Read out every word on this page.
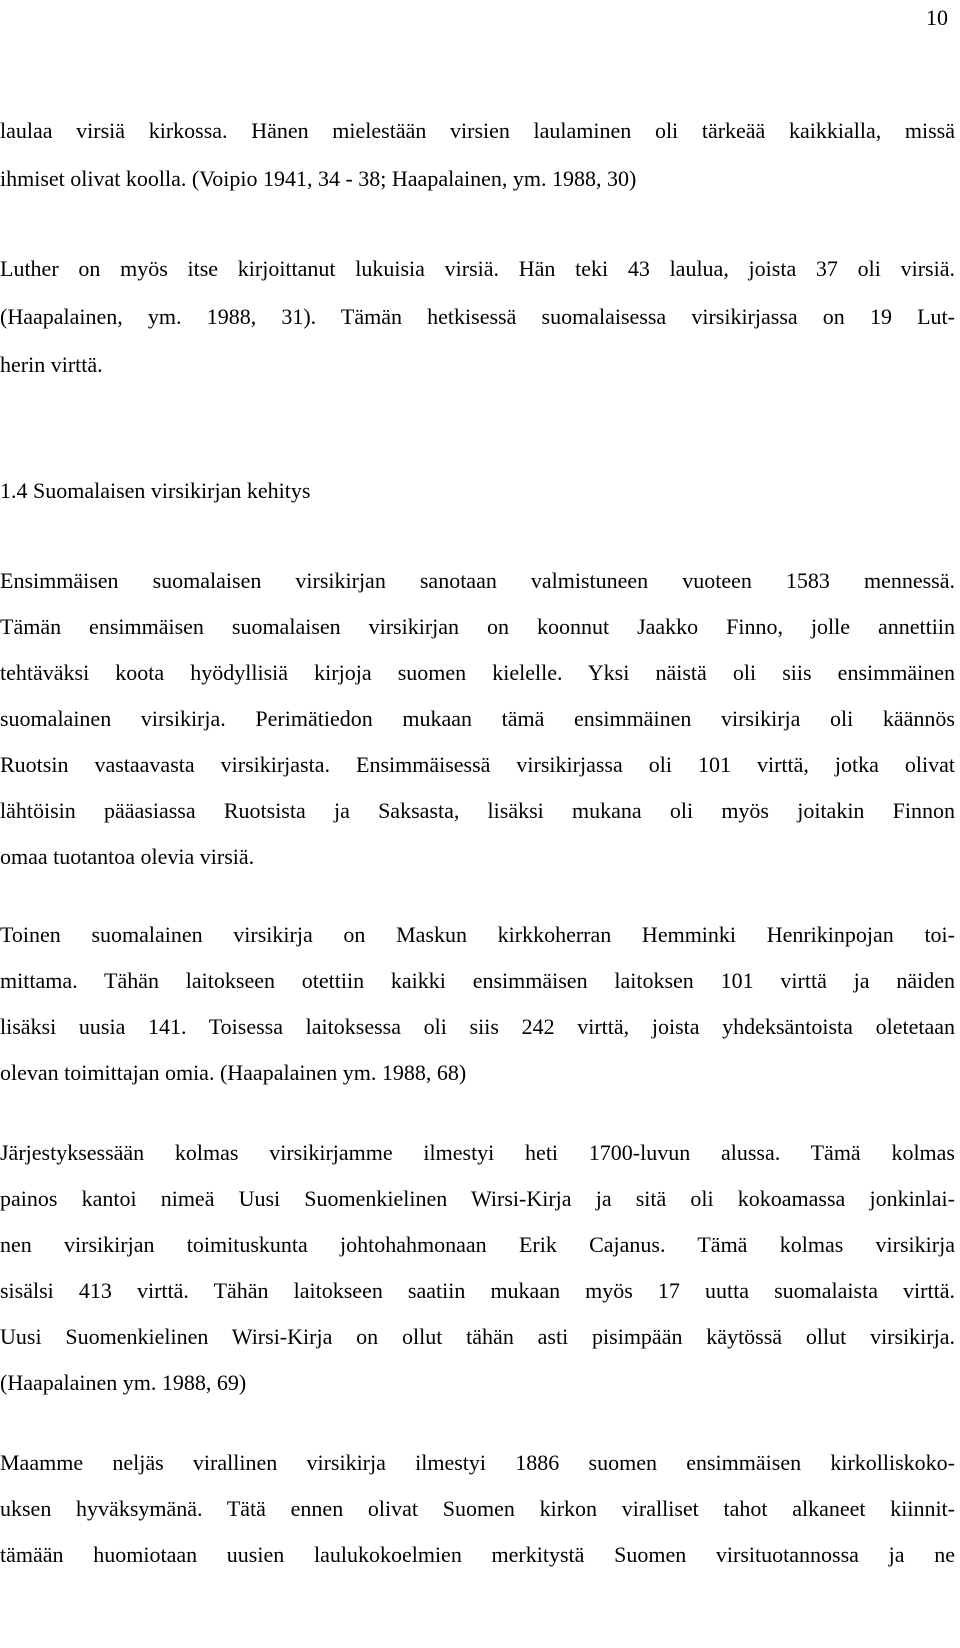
10
laulaa virsiä kirkossa. Hänen mielestään virsien laulaminen oli tärkeää kaikkialla, missä
ihmiset olivat koolla. (Voipio 1941, 34 - 38; Haapalainen, ym. 1988, 30)
Luther on myös itse kirjoittanut lukuisia virsiä. Hän teki 43 laulua, joista 37 oli virsiä.
(Haapalainen, ym. 1988, 31). Tämän hetkisessä suomalaisessa virsikirjassa on 19 Lut-
herin virttä.
1.4 Suomalaisen virsikirjan kehitys
Ensimmäisen suomalaisen virsikirjan sanotaan valmistuneen vuoteen 1583 mennessä.
Tämän ensimmäisen suomalaisen virsikirjan on koonnut Jaakko Finno, jolle annettiin
tehtäväksi koota hyödyllisiä kirjoja suomen kielelle. Yksi näistä oli siis ensimmäinen
suomalainen virsikirja. Perimätiedon mukaan tämä ensimmäinen virsikirja oli käännös
Ruotsin vastaavasta virsikirjasta. Ensimmäisessä virsikirjassa oli 101 virttä, jotka olivat
lähtöisin pääasiassa Ruotsista ja Saksasta, lisäksi mukana oli myös joitakin Finnon
omaa tuotantoa olevia virsiä.
Toinen suomalainen virsikirja on Maskun kirkkoherran Hemminki Henrikinpojan toi-
mittama. Tähän laitokseen otettiin kaikki ensimmäisen laitoksen 101 virttä ja näiden
lisäksi uusia 141. Toisessa laitoksessa oli siis 242 virttä, joista yhdeksäntoista oletetaan
olevan toimittajan omia. (Haapalainen ym. 1988, 68)
Järjestyksessään kolmas virsikirjamme ilmestyi heti 1700-luvun alussa. Tämä kolmas
painos kantoi nimeä Uusi Suomenkielinen Wirsi-Kirja ja sitä oli kokoamassa jonkinlai-
nen virsikirjan toimituskunta johtohahmonaan Erik Cajanus. Tämä kolmas virsikirja
sisälsi 413 virttä. Tähän laitokseen saatiin mukaan myös 17 uutta suomalaista virttä.
Uusi Suomenkielinen Wirsi-Kirja on ollut tähän asti pisimpään käytössä ollut virsikirja.
(Haapalainen ym. 1988, 69)
Maamme neljäs virallinen virsikirja ilmestyi 1886 suomen ensimmäisen kirkolliskoko-
uksen hyväksymänä. Tätä ennen olivat Suomen kirkon viralliset tahot alkaneet kiinnit-
tämään huomiotaan uusien laulukokoelmien merkitystä Suomen virsituotannossa ja ne
